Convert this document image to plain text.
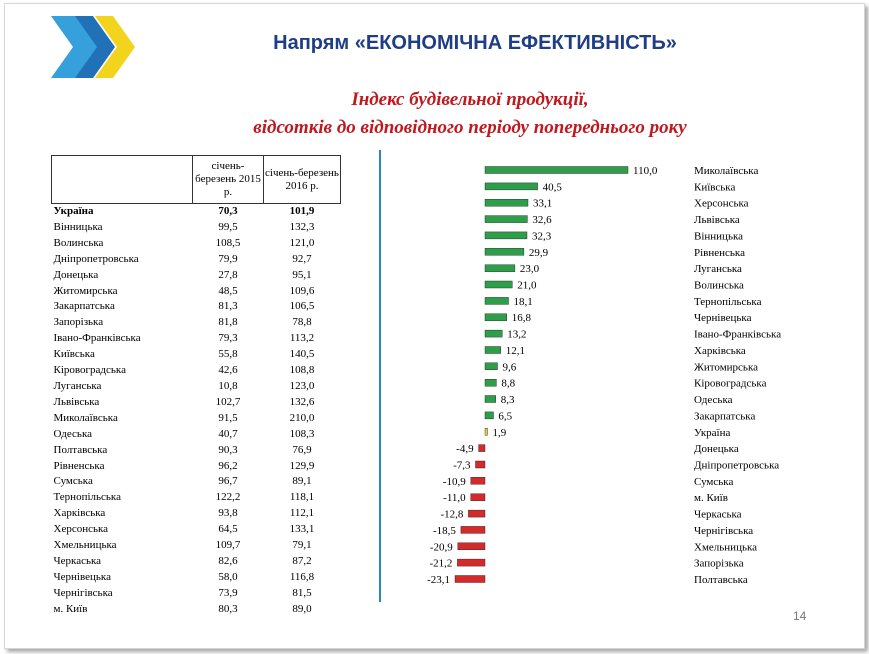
Напрям «ЕКОНОМІЧНА ЕФЕКТИВНІСТЬ»
Індекс будівельної продукції,
відсотків до відповідного періоду попереднього року
	січень-березень 2015 р.	січень-березень 2016 р.
Україна	70,3	101,9
Вінницька	99,5	132,3
Волинська	108,5	121,0
Дніпропетровська	79,9	92,7
Донецька	27,8	95,1
Житомирська	48,5	109,6
Закарпатська	81,3	106,5
Запорізька	81,8	78,8
Івано-Франківська	79,3	113,2
Київська	55,8	140,5
Кіровоградська	42,6	108,8
Луганська	10,8	123,0
Львівська	102,7	132,6
Миколаївська	91,5	210,0
Одеська	40,7	108,3
Полтавська	90,3	76,9
Рівненська	96,2	129,9
Сумська	96,7	89,1
Тернопільська	122,2	118,1
Харківська	93,8	112,1
Херсонська	64,5	133,1
Хмельницька	109,7	79,1
Черкаська	82,6	87,2
Чернівецька	58,0	116,8
Чернігівська	73,9	81,5
м. Київ	80,3	89,0
110,0	Миколаївська
40,5	Київська
33,1	Херсонська
32,6	Львівська
32,3	Вінницька
29,9	Рівненська
23,0	Луганська
21,0	Волинська
18,1	Тернопільська
16,8	Чернівецька
13,2	Івано-Франківська
12,1	Харківська
9,6	Житомирська
8,8	Кіровоградська
8,3	Одеська
6,5	Закарпатська
1,9	Україна
-4,9	Донецька
-7,3	Дніпропетровська
-10,9	Сумська
-11,0	м. Київ
-12,8	Черкаська
-18,5	Чернігівська
-20,9	Хмельницька
-21,2	Запорізька
-23,1	Полтавська
14
